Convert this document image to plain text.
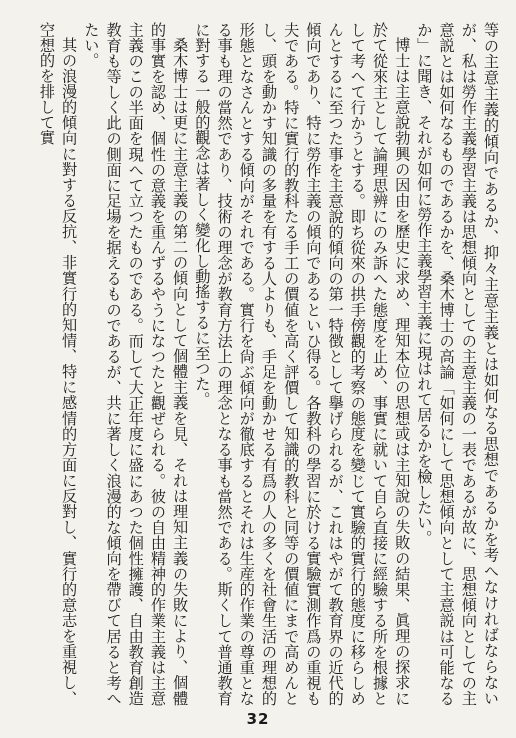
等の主意主義的傾向であるか、抑々主意主義とは如何なる思想であるかを考へなければならないが、私は勞作主義學習主義は思想傾向としての主意主義の一表であるが故に、思想傾向としての主意説とは如何なるものであるかを、桑木博士の高論「如何にして思想傾向として主意説は可能なるか」に聞き、それが如何に勞作主義學習主義に現はれて居るかを檢したい。

博士は主意說勃興の因由を歷史に求め、理知本位の思想或は主知說の失敗の結果、眞理の探求に於て從來主として論理思辨にのみ訴へた態度を止め、事實に就いて自ら直接に經驗する所を根據として考へて行かうとする。即ち從來の拱手傍觀的考察の態度を變じて實驗的實行的態度に移らしめんとするに至つた事を主意說的傾向の第一特徴として擧げられるが、これはやがて教育界の近代的傾向であり、特に勞作主義の傾向であるといひ得る。各教科の學習に於ける實驗實測作爲の重視も夫である。特に實行的教科たる手工の價値を高く評價して知識的教科と同等の價値にまで高めんとし、頭を動かす知識の多量を有する人よりも、手足を動かせる有爲の人の多くを社會生活の理想的形態となさんとする傾向がそれである。實行を尙ぶ傾向が徹底するとそれは生産的作業の尊重となる事も理の當然であり、技術の理念が教育方法上の理念となる事も當然である。斯くして普通教育に對する一般的觀念は著しく變化し動搖するに至つた。

桑木博士は更に主意主義の第二の傾向として個體主義を見、それは理知主義の失敗により、個體的事實を認め、個性の意義を重んずるやうになつたと觀ぜられる。彼の自由精神的作業主義は主意主義のこの半面を現へて立つたものである。而して大正年度に盛にあつた個性擁護、自由教育創造教育も等しく此の側面に足場を据えるものであるが、共に著しく浪漫的な傾向を帶びて居ると考へたい。

其の浪漫的傾向に對する反抗、非實行的知情、特に感情的方面に反對し、實行的意志を重視し、空想的を排して實

32
